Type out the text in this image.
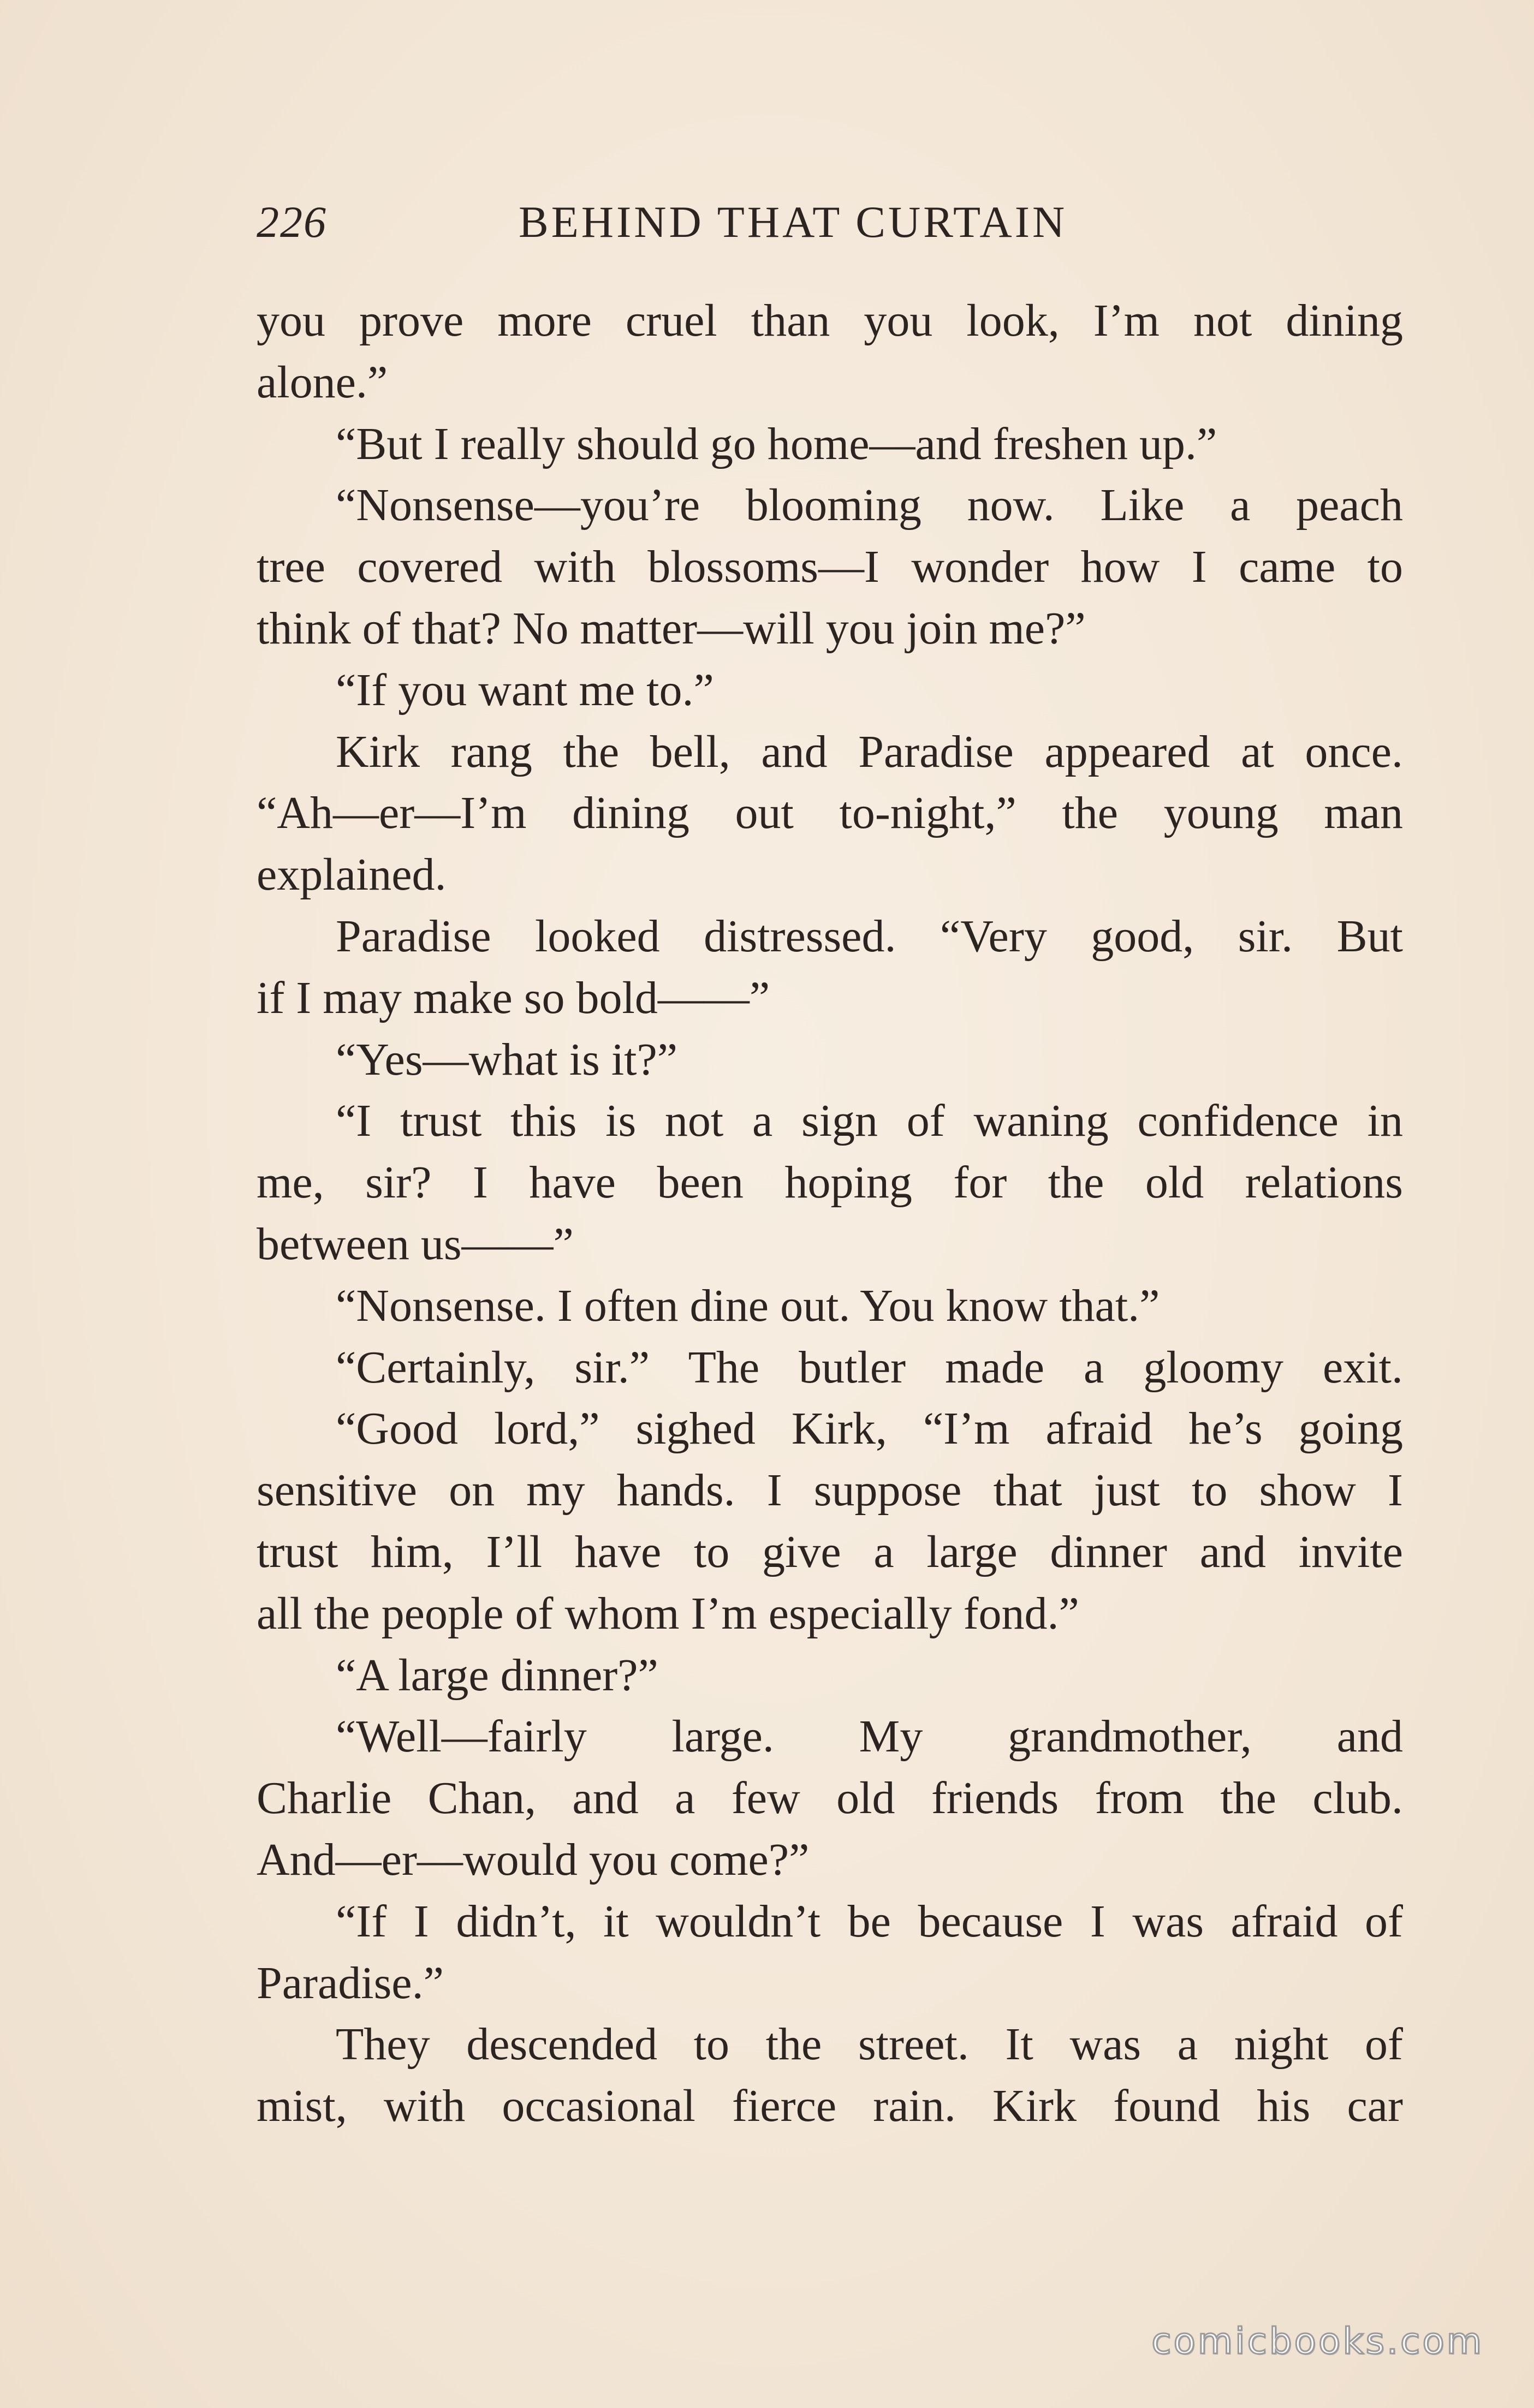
226	BEHIND THAT CURTAIN
you prove more cruel than you look, I’m not dining
alone.”
“But I really should go home—and freshen up.”
“Nonsense—you’re blooming now. Like a peach
tree covered with blossoms—I wonder how I came to
think of that? No matter—will you join me?”
“If you want me to.”
Kirk rang the bell, and Paradise appeared at once.
“Ah—er—I’m dining out to-night,” the young man
explained.
Paradise looked distressed. “Very good, sir. But
if I may make so bold——”
“Yes—what is it?”
“I trust this is not a sign of waning confidence in
me, sir? I have been hoping for the old relations
between us——”
“Nonsense. I often dine out. You know that.”
“Certainly, sir.” The butler made a gloomy exit.
“Good lord,” sighed Kirk, “I’m afraid he’s going
sensitive on my hands. I suppose that just to show I
trust him, I’ll have to give a large dinner and invite
all the people of whom I’m especially fond.”
“A large dinner?”
“Well—fairly large. My grandmother, and
Charlie Chan, and a few old friends from the club.
And—er—would you come?”
“If I didn’t, it wouldn’t be because I was afraid of
Paradise.”
They descended to the street. It was a night of
mist, with occasional fierce rain. Kirk found his car
comicbooks.com
